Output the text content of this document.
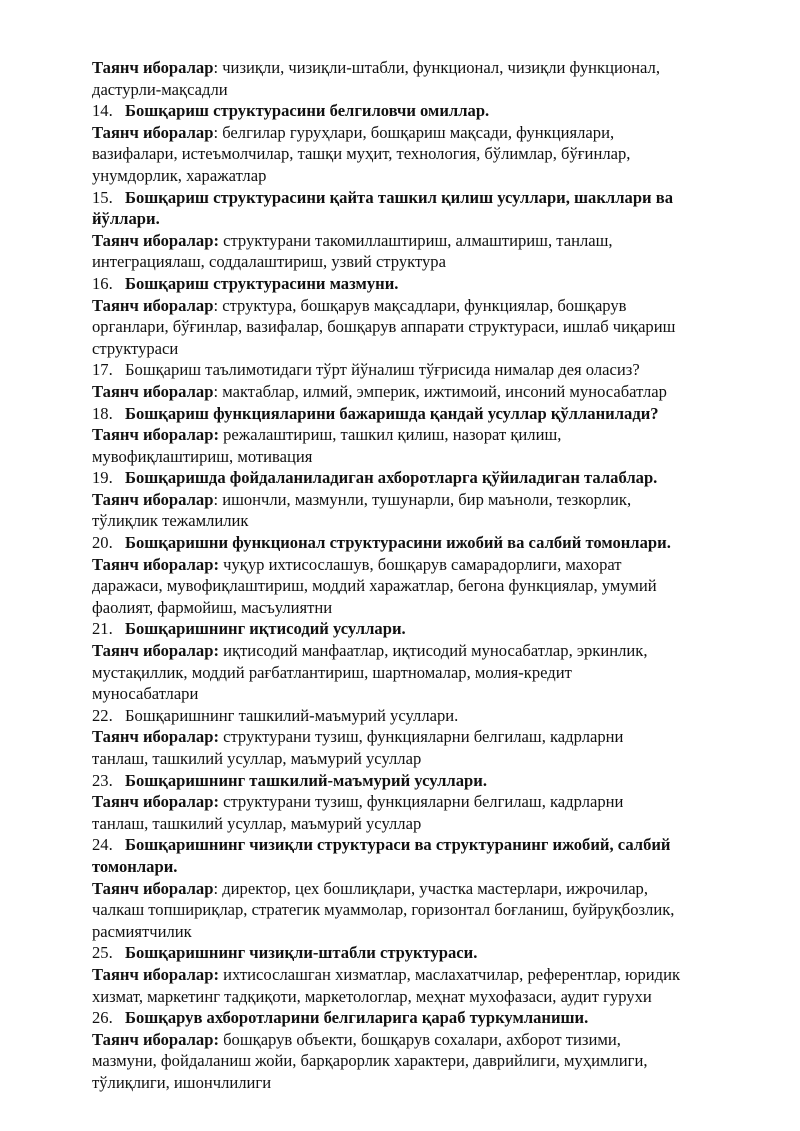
Таянч иборалар: чизиқли, чизиқли-штабли, функционал, чизиқли функционал,
дастурли-мақсадли
14. Бошқариш структурасини белгиловчи омиллар.
Таянч иборалар: белгилар гуруҳлари, бошқариш мақсади, функциялари,
вазифалари, истеъмолчилар, ташқи муҳит, технология, бўлимлар, бўғинлар,
унумдорлик, харажатлар
15. Бошқариш структурасини қайта ташкил қилиш усуллари, шакллари ва
йўллари.
Таянч иборалар: структурани такомиллаштириш, алмаштириш, танлаш,
интеграциялаш, соддалаштириш, узвий структура
16. Бошқариш структурасини мазмуни.
Таянч иборалар: структура, бошқарув мақсадлари, функциялар, бошқарув
органлари, бўғинлар, вазифалар, бошқарув аппарати структураси, ишлаб чиқариш
структураси
17. Бошқариш таълимотидаги тўрт йўналиш тўғрисида нималар дея оласиз?
Таянч иборалар: мактаблар, илмий, эмперик, ижтимоий, инсоний муносабатлар
18. Бошқариш функцияларини бажаришда қандай усуллар қўлланилади?
Таянч иборалар: режалаштириш, ташкил қилиш, назорат қилиш,
мувофиқлаштириш, мотивация
19. Бошқаришда фойдаланиладиган ахборотларга қўйиладиган талаблар.
Таянч иборалар: ишончли, мазмунли, тушунарли, бир маъноли, тезкорлик,
тўлиқлик тежамлилик
20. Бошқаришни функционал структурасини ижобий ва салбий томонлари.
Таянч иборалар: чуқур ихтисослашув, бошқарув самарадорлиги, махорат
даражаси, мувофиқлаштириш, моддий харажатлар, бегона функциялар, умумий
фаолият, фармойиш, масъулиятни
21. Бошқаришнинг иқтисодий усуллари.
Таянч иборалар: иқтисодий манфаатлар, иқтисодий муносабатлар, эркинлик,
мустақиллик, моддий рағбатлантириш, шартномалар, молия-кредит
муносабатлари
22. Бошқаришнинг ташкилий-маъмурий усуллари.
Таянч иборалар: структурани тузиш, функцияларни белгилаш, кадрларни
танлаш, ташкилий усуллар, маъмурий усуллар
23. Бошқаришнинг ташкилий-маъмурий усуллари.
Таянч иборалар: структурани тузиш, функцияларни белгилаш, кадрларни
танлаш, ташкилий усуллар, маъмурий усуллар
24. Бошқаришнинг чизиқли структураси ва структуранинг ижобий, салбий
томонлари.
Таянч иборалар: директор, цех бошлиқлари, участка мастерлари, ижрочилар,
чалкаш топшириқлар, стратегик муаммолар, горизонтал боғланиш, буйруқбозлик,
расмиятчилик
25. Бошқаришнинг чизиқли-штабли структураси.
Таянч иборалар: ихтисослашган хизматлар, маслахатчилар, референтлар, юридик
хизмат, маркетинг тадқиқоти, маркетологлар, меҳнат мухофазаси, аудит гурухи
26. Бошқарув ахборотларини белгиларига қараб туркумланиши.
Таянч иборалар: бошқарув объекти, бошқарув сохалари, ахборот тизими,
мазмуни, фойдаланиш жойи, барқарорлик характери, даврийлиги, муҳимлиги,
тўлиқлиги, ишончлилиги
